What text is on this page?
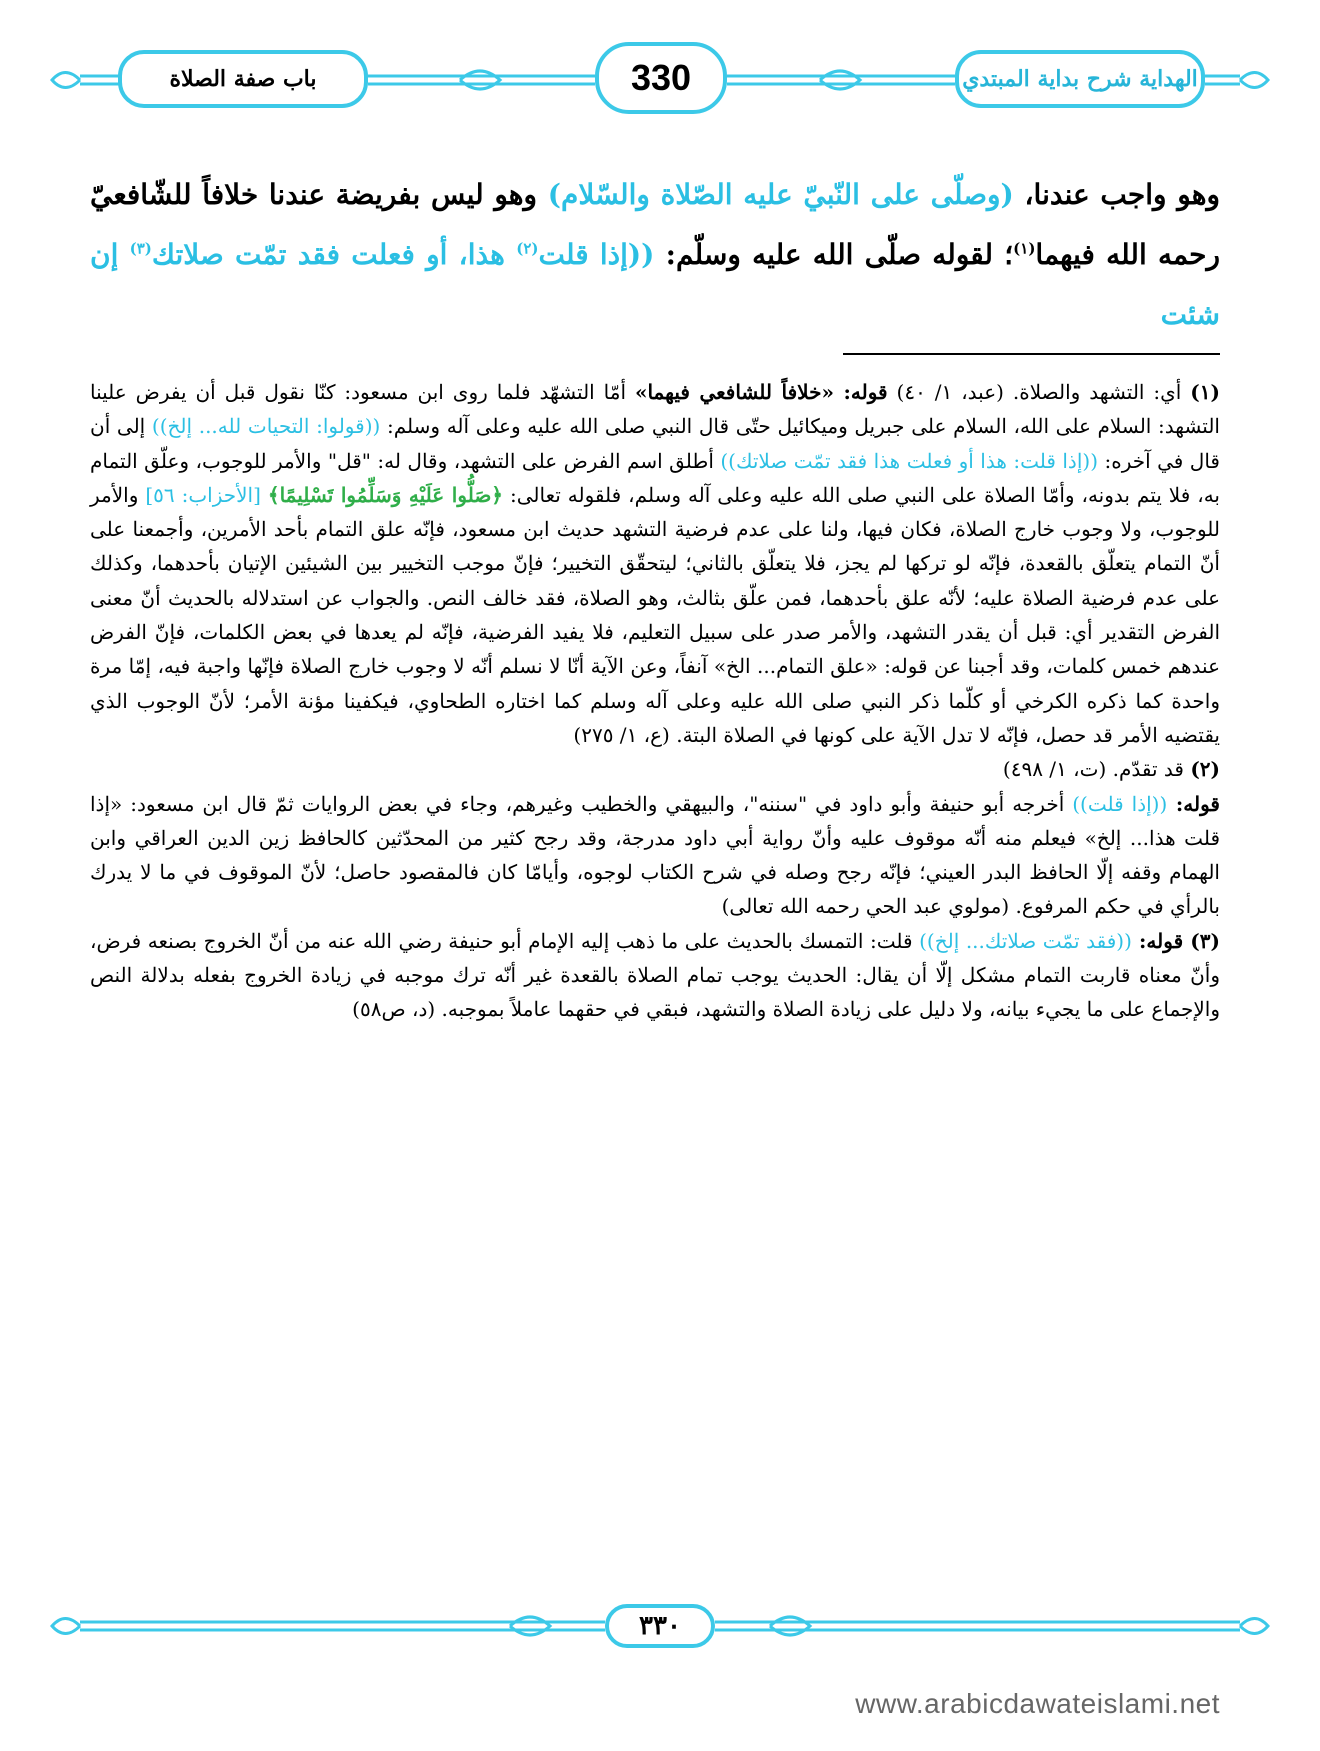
باب صفة الصلاة	330	الهداية شرح بداية المبتدي
وهو واجب عندنا، (وصلّى على النّبيّ عليه الصّلاة والسّلام) وهو ليس بفريضة عندنا خلافاً للشّافعيّ رحمه الله فيهما$^{(١)}$؛ لقوله صلّى الله عليه وسلّم: ((إذا قلت$^{(٢)}$ هذا، أو فعلت فقد تمّت صلاتك$^{(٣)}$ إن شئت

(١) أي: التشهد والصلاة. (عبد، ١/ ٤٠) قوله: «خلافاً للشافعي فيهما» أمّا التشهّد فلما روى ابن مسعود: كنّا نقول قبل أن يفرض علينا التشهد: السلام على الله، السلام على جبريل وميكائيل حتّى قال النبي صلى الله عليه وعلى آله وسلم: ((قولوا: التحيات لله... إلخ)) إلى أن قال في آخره: ((إذا قلت: هذا أو فعلت هذا فقد تمّت صلاتك)) أطلق اسم الفرض على التشهد، وقال له: "قل" والأمر للوجوب، وعلّق التمام به، فلا يتم بدونه، وأمّا الصلاة على النبي صلى الله عليه وعلى آله وسلم، فلقوله تعالى: ﴿صَلُّوا عَلَيْهِ وَسَلِّمُوا تَسْلِيمًا﴾ [الأحزاب: ٥٦] والأمر للوجوب، ولا وجوب خارج الصلاة، فكان فيها، ولنا على عدم فرضية التشهد حديث ابن مسعود، فإنّه علق التمام بأحد الأمرين، وأجمعنا على أنّ التمام يتعلّق بالقعدة، فإنّه لو تركها لم يجز، فلا يتعلّق بالثاني؛ ليتحقّق التخيير؛ فإنّ موجب التخيير بين الشيئين الإتيان بأحدهما، وكذلك على عدم فرضية الصلاة عليه؛ لأنّه علق بأحدهما، فمن علّق بثالث، وهو الصلاة، فقد خالف النص. والجواب عن استدلاله بالحديث أنّ معنى الفرض التقدير أي: قبل أن يقدر التشهد، والأمر صدر على سبيل التعليم، فلا يفيد الفرضية، فإنّه لم يعدها في بعض الكلمات، فإنّ الفرض عندهم خمس كلمات، وقد أجبنا عن قوله: «علق التمام... الخ» آنفاً، وعن الآية أنّا لا نسلم أنّه لا وجوب خارج الصلاة فإنّها واجبة فيه، إمّا مرة واحدة كما ذكره الكرخي أو كلّما ذكر النبي صلى الله عليه وعلى آله وسلم كما اختاره الطحاوي، فيكفينا مؤنة الأمر؛ لأنّ الوجوب الذي يقتضيه الأمر قد حصل، فإنّه لا تدل الآية على كونها في الصلاة البتة. (ع، ١/ ٢٧٥)

(٢) قد تقدّم. (ت، ١/ ٤٩٨)

قوله: ((إذا قلت)) أخرجه أبو حنيفة وأبو داود في "سننه"، والبيهقي والخطيب وغيرهم، وجاء في بعض الروايات ثمّ قال ابن مسعود: «إذا قلت هذا... إلخ» فيعلم منه أنّه موقوف عليه وأنّ رواية أبي داود مدرجة، وقد رجح كثير من المحدّثين كالحافظ زين الدين العراقي وابن الهمام وقفه إلّا الحافظ البدر العيني؛ فإنّه رجح وصله في شرح الكتاب لوجوه، وأيامّا كان فالمقصود حاصل؛ لأنّ الموقوف في ما لا يدرك بالرأي في حكم المرفوع. (مولوي عبد الحي رحمه الله تعالى)

(٣) قوله: ((فقد تمّت صلاتك... إلخ)) قلت: التمسك بالحديث على ما ذهب إليه الإمام أبو حنيفة رضي الله عنه من أنّ الخروج بصنعه فرض، وأنّ معناه قاربت التمام مشكل إلّا أن يقال: الحديث يوجب تمام الصلاة بالقعدة غير أنّه ترك موجبه في زيادة الخروج بفعله بدلالة النص والإجماع على ما يجيء بيانه، ولا دليل على زيادة الصلاة والتشهد، فبقي في حقهما عاملاً بموجبه. (د، ص٥٨)

٣٣٠
www.arabicdawateislami.net
